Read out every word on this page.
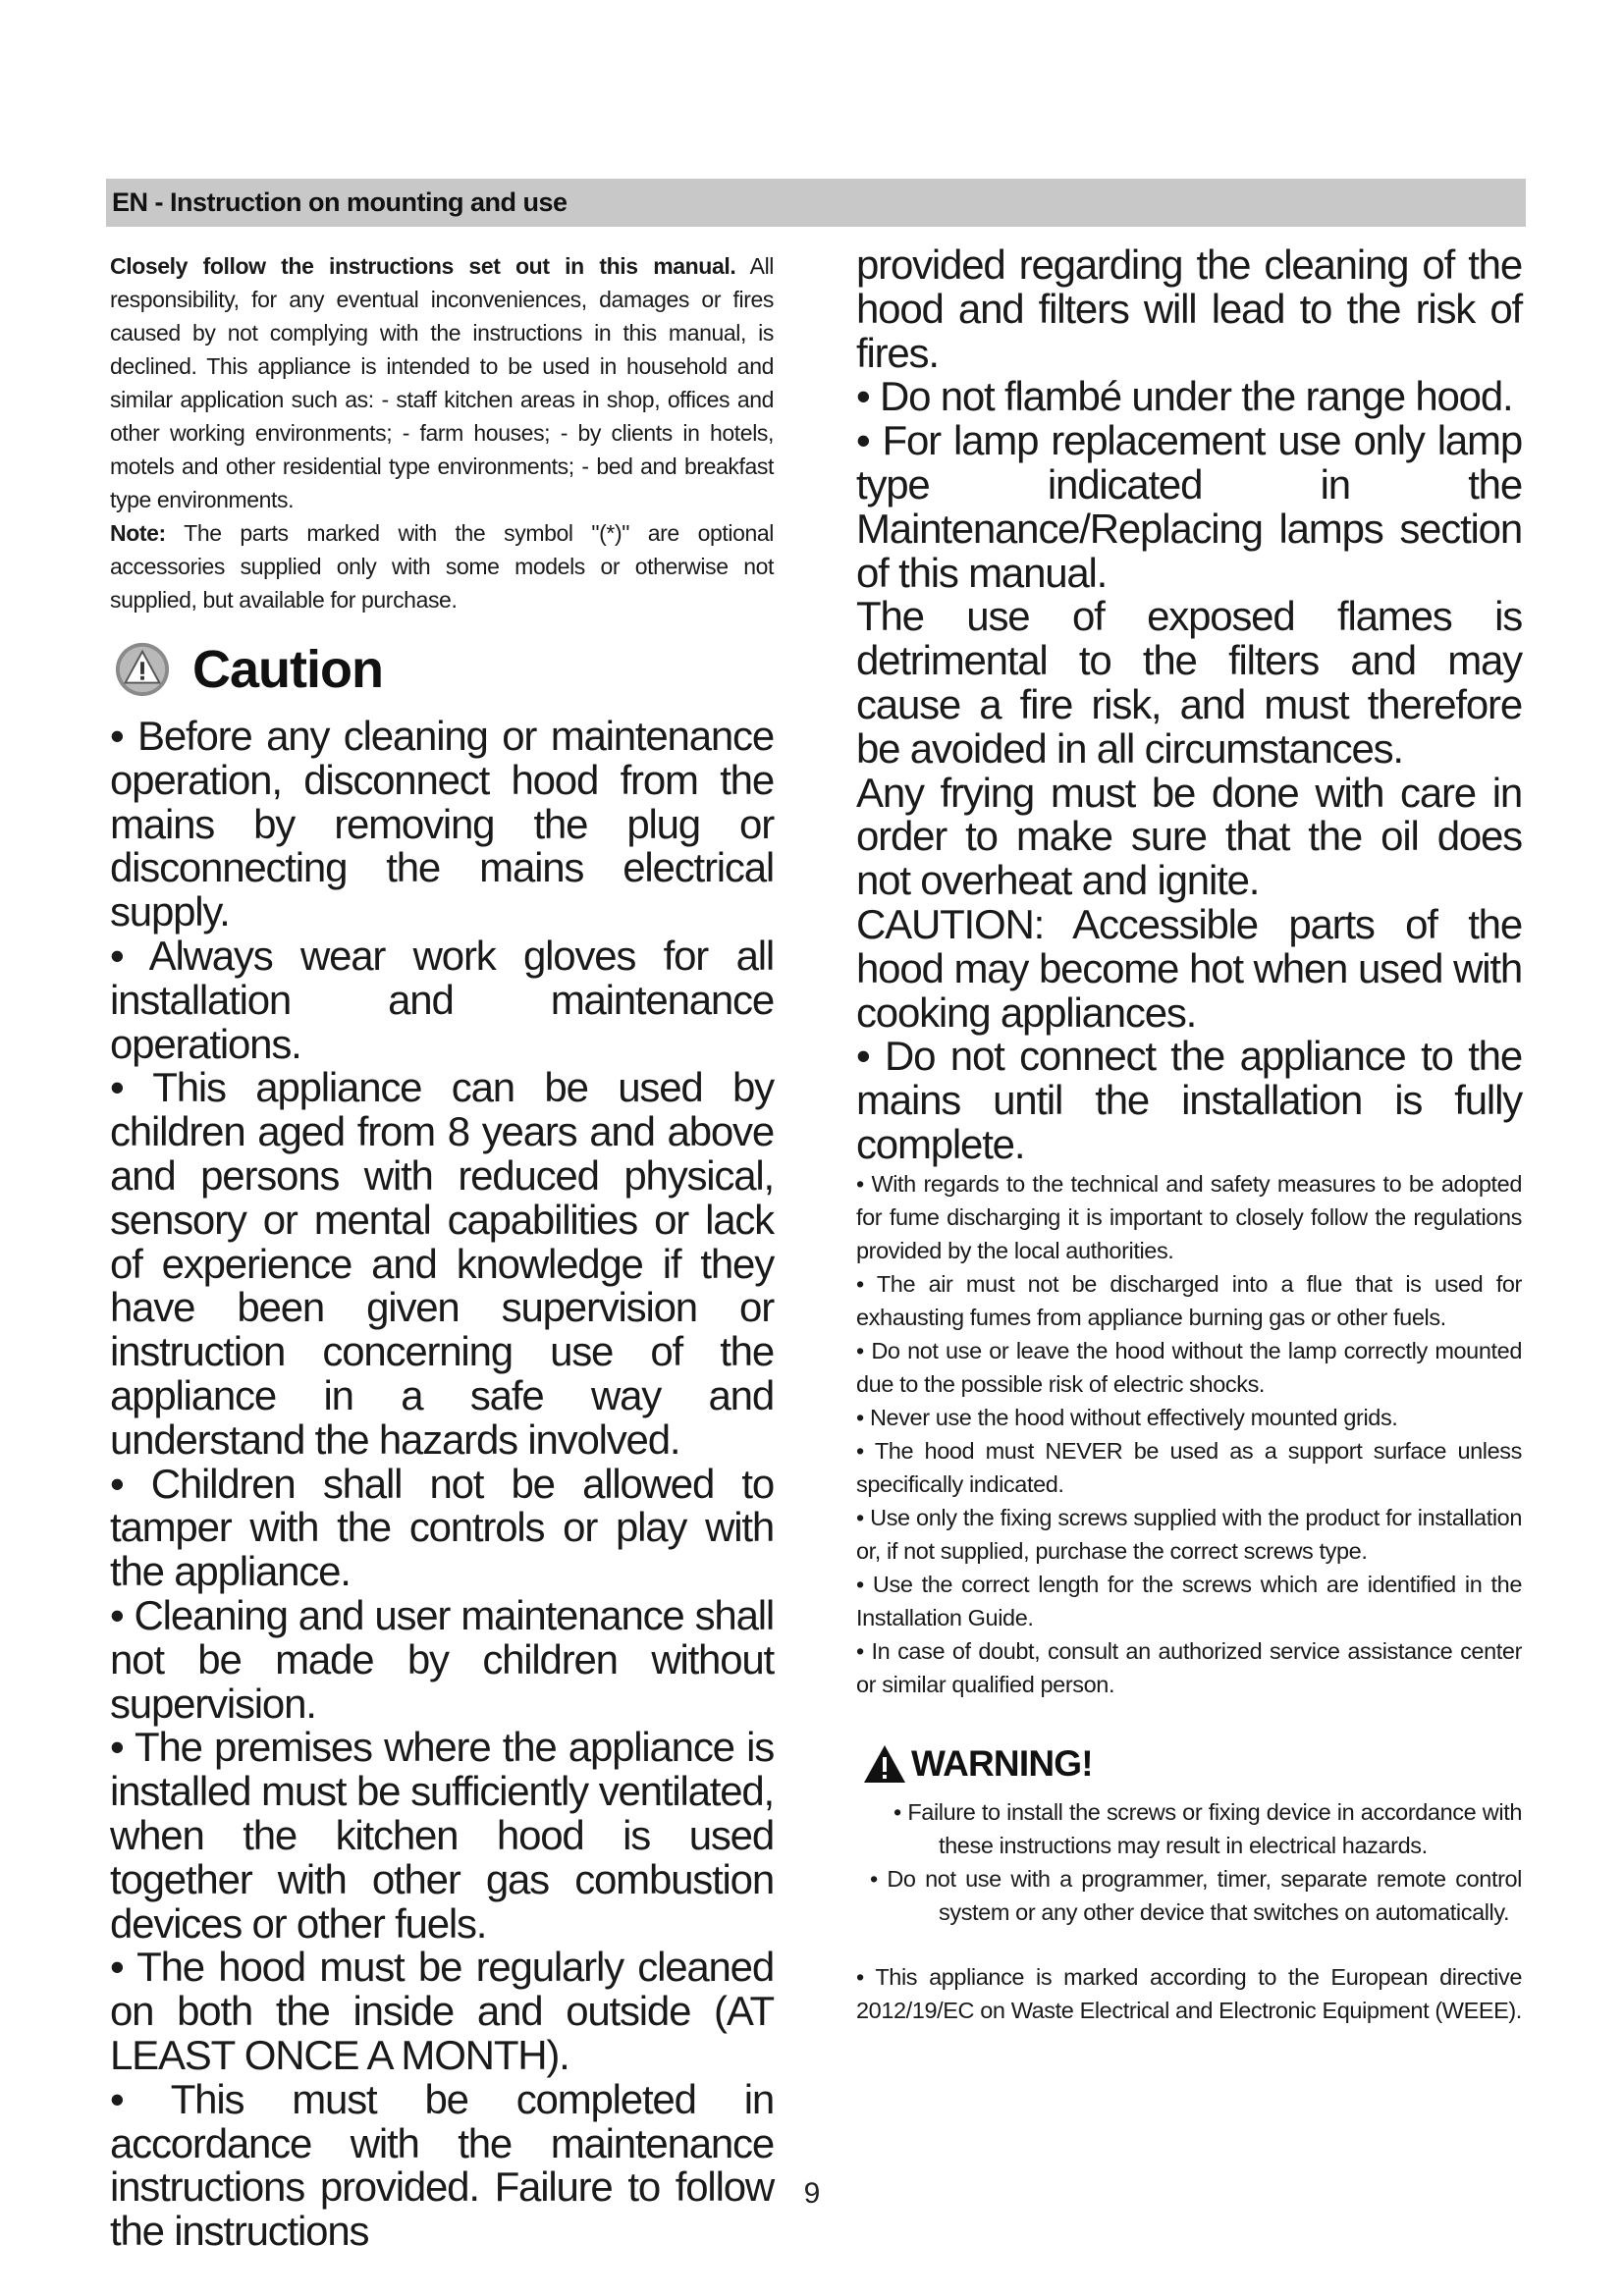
EN - Instruction on mounting and use

Closely follow the instructions set out in this manual. All responsibility, for any eventual inconveniences, damages or fires caused by not complying with the instructions in this manual, is declined. This appliance is intended to be used in household and similar application such as: - staff kitchen areas in shop, offices and other working environments; - farm houses; - by clients in hotels, motels and other residential type environments; - bed and breakfast type environments.

Note: The parts marked with the symbol "(*)" are optional accessories supplied only with some models or otherwise not supplied, but available for purchase.

Caution

• Before any cleaning or maintenance operation, disconnect hood from the mains by removing the plug or disconnecting the mains electrical supply.

• Always wear work gloves for all installation and maintenance operations.

• This appliance can be used by children aged from 8 years and above and persons with reduced physical, sensory or mental capabilities or lack of experience and knowledge if they have been given supervision or instruction concerning use of the appliance in a safe way and understand the hazards involved.

• Children shall not be allowed to tamper with the controls or play with the appliance.

• Cleaning and user maintenance shall not be made by children without supervision.

• The premises where the appliance is installed must be sufficiently ventilated, when the kitchen hood is used together with other gas combustion devices or other fuels.

• The hood must be regularly cleaned on both the inside and outside (AT LEAST ONCE A MONTH).

• This must be completed in accordance with the maintenance instructions provided. Failure to follow the instructions

provided regarding the cleaning of the hood and filters will lead to the risk of fires.

• Do not flambé under the range hood.

• For lamp replacement use only lamp type indicated in the Maintenance/Replacing lamps section of this manual.

The use of exposed flames is detrimental to the filters and may cause a fire risk, and must therefore be avoided in all circumstances.

Any frying must be done with care in order to make sure that the oil does not overheat and ignite.

CAUTION: Accessible parts of the hood may become hot when used with cooking appliances.

• Do not connect the appliance to the mains until the installation is fully complete.

• With regards to the technical and safety measures to be adopted for fume discharging it is important to closely follow the regulations provided by the local authorities.

• The air must not be discharged into a flue that is used for exhausting fumes from appliance burning gas or other fuels.

• Do not use or leave the hood without the lamp correctly mounted due to the possible risk of electric shocks.

• Never use the hood without effectively mounted grids.

• The hood must NEVER be used as a support surface unless specifically indicated.

• Use only the fixing screws supplied with the product for installation or, if not supplied, purchase the correct screws type.

• Use the correct length for the screws which are identified in the Installation Guide.

• In case of doubt, consult an authorized service assistance center or similar qualified person.

WARNING!

• Failure to install the screws or fixing device in accordance with these instructions may result in electrical hazards.

• Do not use with a programmer, timer, separate remote control system or any other device that switches on automatically.

• This appliance is marked according to the European directive 2012/19/EC on Waste Electrical and Electronic Equipment (WEEE).

9
